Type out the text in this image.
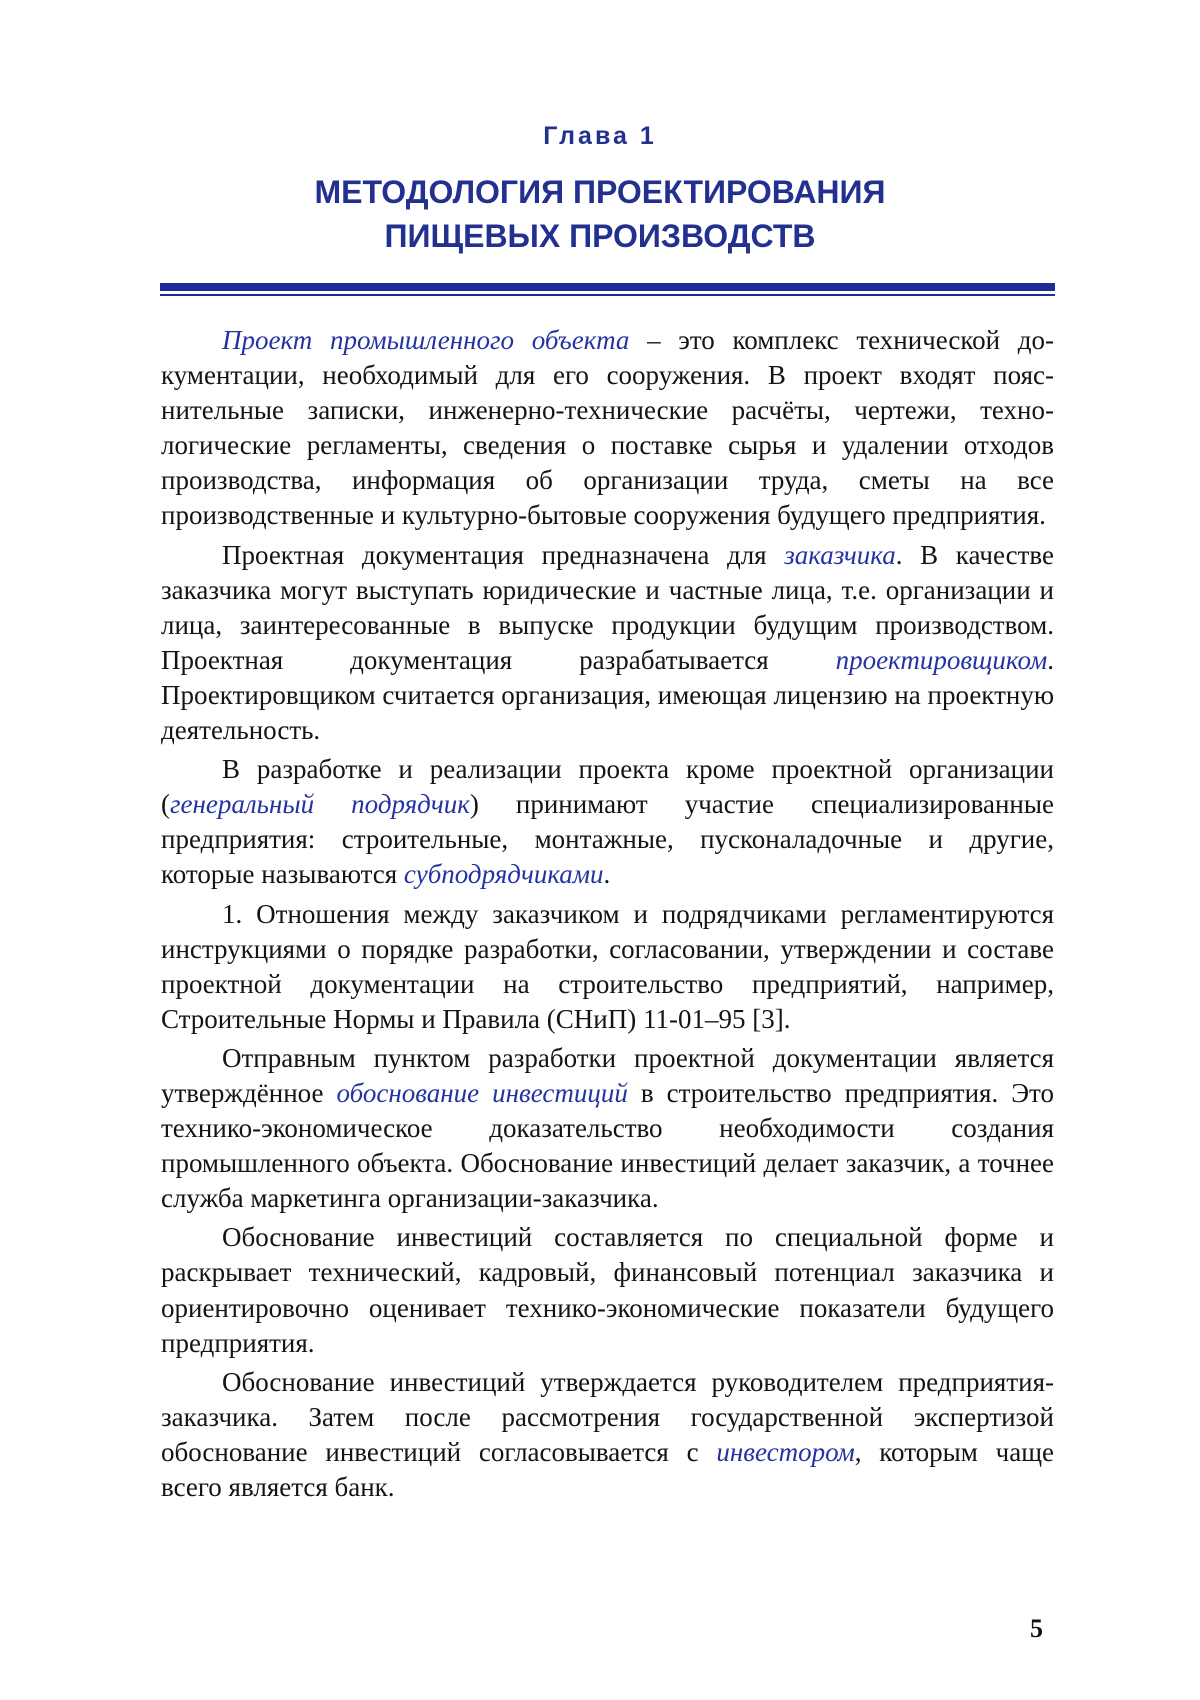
Глава 1
МЕТОДОЛОГИЯ ПРОЕКТИРОВАНИЯ
ПИЩЕВЫХ ПРОИЗВОДСТВ

Проект промышленного объекта – это комплекс технической документации, необходимый для его сооружения. В проект входят пояснительные записки, инженерно-технические расчёты, чертежи, технологические регламенты, сведения о поставке сырья и удалении отходов производства, информация об организации труда, сметы на все производственные и культурно-бытовые сооружения будущего предприятия.

Проектная документация предназначена для заказчика. В качестве заказчика могут выступать юридические и частные лица, т.е. организации и лица, заинтересованные в выпуске продукции будущим производством. Проектная документация разрабатывается проектировщиком. Проектировщиком считается организация, имеющая лицензию на проектную деятельность.

В разработке и реализации проекта кроме проектной организации (генеральный подрядчик) принимают участие специализированные предприятия: строительные, монтажные, пусконаладочные и другие, которые называются субподрядчиками.

1. Отношения между заказчиком и подрядчиками регламентируются инструкциями о порядке разработки, согласовании, утверждении и составе проектной документации на строительство предприятий, например, Строительные Нормы и Правила (СНиП) 11-01–95 [3].

Отправным пунктом разработки проектной документации является утверждённое обоснование инвестиций в строительство предприятия. Это технико-экономическое доказательство необходимости создания промышленного объекта. Обоснование инвестиций делает заказчик, а точнее служба маркетинга организации-заказчика.

Обоснование инвестиций составляется по специальной форме и раскрывает технический, кадровый, финансовый потенциал заказчика и ориентировочно оценивает технико-экономические показатели будущего предприятия.

Обоснование инвестиций утверждается руководителем предприятия-заказчика. Затем после рассмотрения государственной экспертизой обоснование инвестиций согласовывается с инвестором, которым чаще всего является банк.

5
